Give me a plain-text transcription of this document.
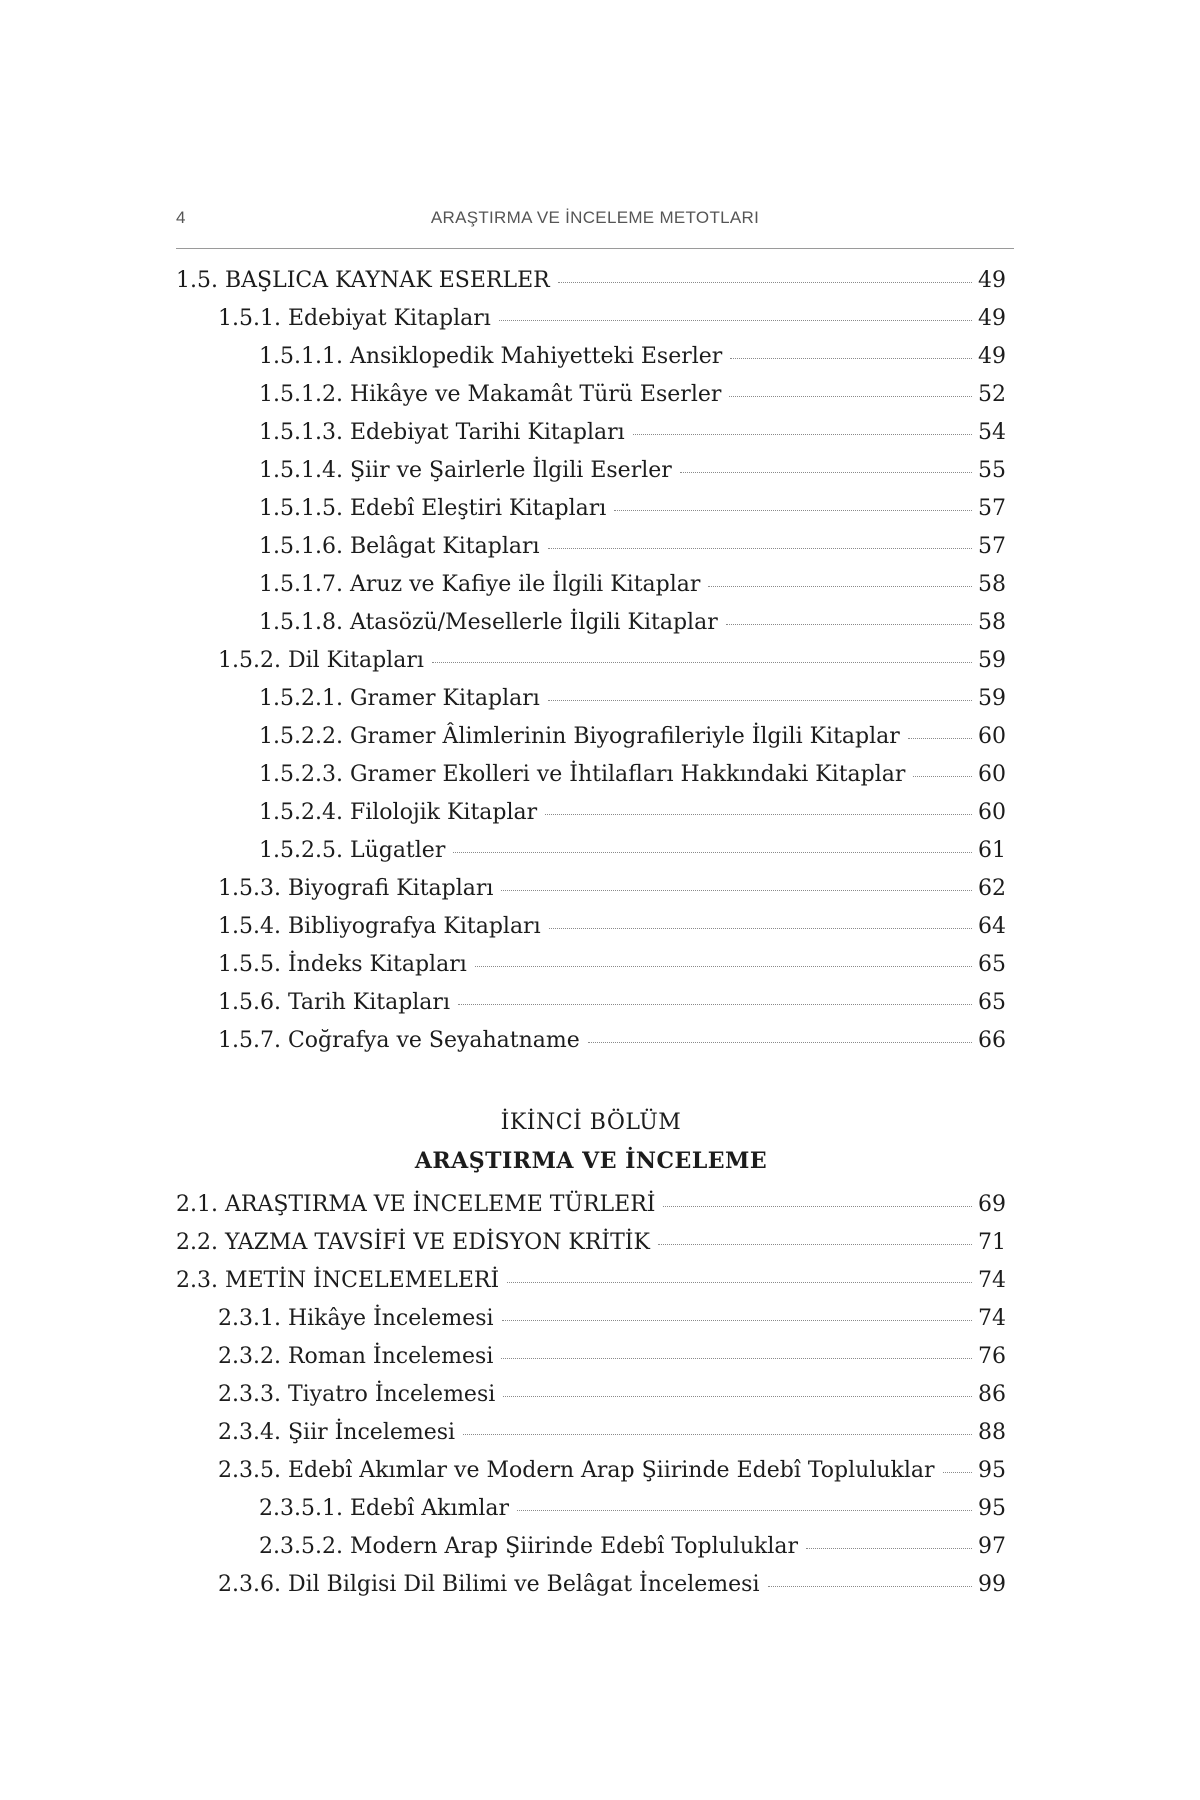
4	ARAŞTIRMA VE İNCELEME METOTLARI
1.5. BAŞLICA KAYNAK ESERLER	49
1.5.1. Edebiyat Kitapları	49
1.5.1.1. Ansiklopedik Mahiyetteki Eserler	49
1.5.1.2. Hikâye ve Makamât Türü Eserler	52
1.5.1.3. Edebiyat Tarihi Kitapları	54
1.5.1.4. Şiir ve Şairlerle İlgili Eserler	55
1.5.1.5. Edebî Eleştiri Kitapları	57
1.5.1.6. Belâgat Kitapları	57
1.5.1.7. Aruz ve Kafiye ile İlgili Kitaplar	58
1.5.1.8. Atasözü/Mesellerle İlgili Kitaplar	58
1.5.2. Dil Kitapları	59
1.5.2.1. Gramer Kitapları	59
1.5.2.2. Gramer Âlimlerinin Biyografileriyle İlgili Kitaplar	60
1.5.2.3. Gramer Ekolleri ve İhtilafları Hakkındaki Kitaplar	60
1.5.2.4. Filolojik Kitaplar	60
1.5.2.5. Lügatler	61
1.5.3. Biyografi Kitapları	62
1.5.4. Bibliyografya Kitapları	64
1.5.5. İndeks Kitapları	65
1.5.6. Tarih Kitapları	65
1.5.7. Coğrafya ve Seyahatname	66
İKİNCİ BÖLÜM
ARAŞTIRMA VE İNCELEME
2.1. ARAŞTIRMA VE İNCELEME TÜRLERİ	69
2.2. YAZMA TAVSİFİ VE EDİSYON KRİTİK	71
2.3. METİN İNCELEMELERİ	74
2.3.1. Hikâye İncelemesi	74
2.3.2. Roman İncelemesi	76
2.3.3. Tiyatro İncelemesi	86
2.3.4. Şiir İncelemesi	88
2.3.5. Edebî Akımlar ve Modern Arap Şiirinde Edebî Topluluklar 95
2.3.5.1. Edebî Akımlar	95
2.3.5.2. Modern Arap Şiirinde Edebî Topluluklar	97
2.3.6. Dil Bilgisi Dil Bilimi ve Belâgat İncelemesi	99
